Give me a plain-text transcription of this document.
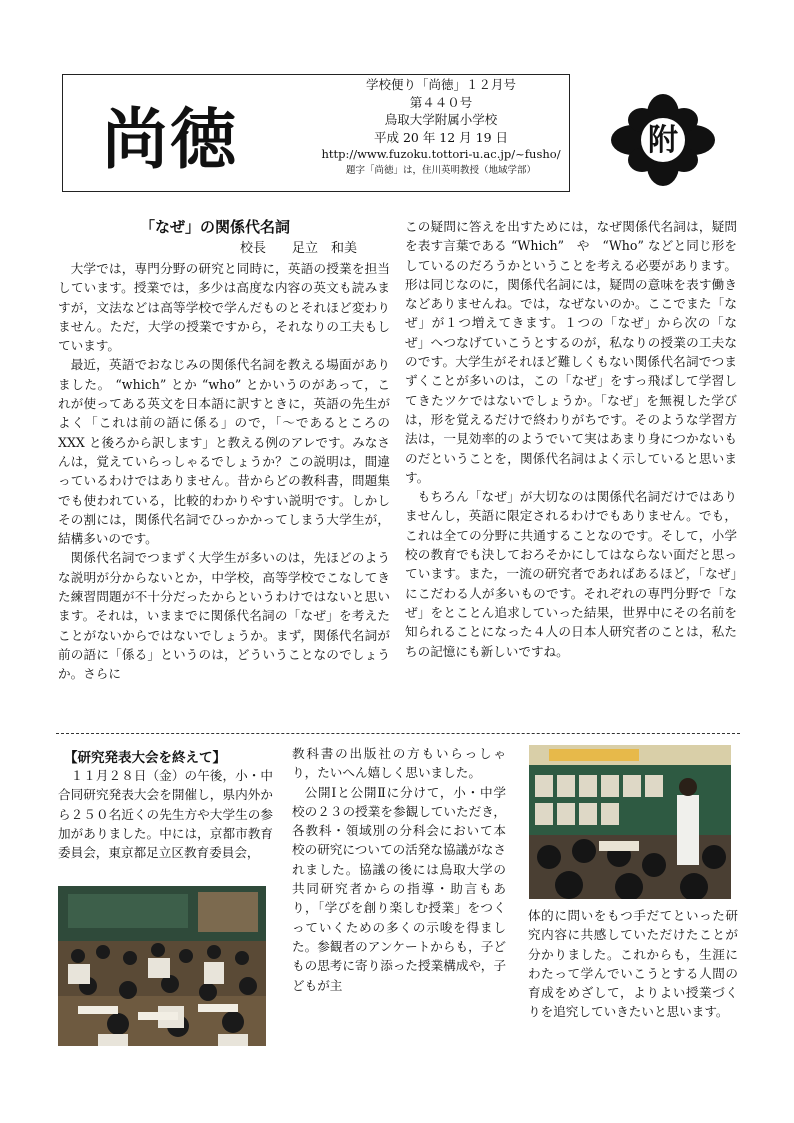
尚徳
学校便り「尚徳」１２月号
第４４０号
鳥取大学附属小学校
平成 20 年 12 月 19 日
http://www.fuzoku.tottori-u.ac.jp/~fusho/
題字「尚徳」は，住川英明教授（地域学部）
附
「なぜ」の関係代名詞
校長　　足立　和美

大学では，専門分野の研究と同時に，英語の授業を担当しています。授業では，多少は高度な内容の英文も読みますが，文法などは高等学校で学んだものとそれほど変わりません。ただ，大学の授業ですから，それなりの工夫もしています。

最近，英語でおなじみの関係代名詞を教える場面がありました。 “which” とか “who” とかいうのがあって，これが使ってある英文を日本語に訳すときに，英語の先生がよく「これは前の語に係る」ので，「～であるところの XXX と後ろから訳します」と教える例のアレです。みなさんは，覚えていらっしゃるでしょうか？この説明は，間違っているわけではありません。昔からどの教科書，問題集でも使われている，比較的わかりやすい説明です。しかしその割には，関係代名詞でひっかかってしまう大学生が，結構多いのです。

関係代名詞でつまずく大学生が多いのは，先ほどのような説明が分からないとか，中学校，高等学校でこなしてきた練習問題が不十分だったからというわけではないと思います。それは，いままでに関係代名詞の「なぜ」を考えたことがないからではないでしょうか。まず，関係代名詞が前の語に「係る」というのは，どういうことなのでしょうか。さらに

この疑問に答えを出すためには，なぜ関係代名詞は，疑問を表す言葉である “Which”　や　“Who” などと同じ形をしているのだろうかということを考える必要があります。形は同じなのに，関係代名詞には，疑問の意味を表す働きなどありませんね。では，なぜないのか。ここでまた「なぜ」が１つ増えてきます。１つの「なぜ」から次の「なぜ」へつなげていこうとするのが，私なりの授業の工夫なのです。大学生がそれほど難しくもない関係代名詞でつまずくことが多いのは，この「なぜ」をすっ飛ばして学習してきたツケではないでしょうか。「なぜ」を無視した学びは，形を覚えるだけで終わりがちです。そのような学習方法は，一見効率的のようでいて実はあまり身につかないものだということを，関係代名詞はよく示していると思います。

もちろん「なぜ」が大切なのは関係代名詞だけではありませんし，英語に限定されるわけでもありません。でも，これは全ての分野に共通することなのです。そして，小学校の教育でも決しておろそかにしてはならない面だと思っています。また，一流の研究者であればあるほど，「なぜ」にこだわる人が多いものです。それぞれの専門分野で「なぜ」をとことん追求していった結果，世界中にその名前を知られることになった４人の日本人研究者のことは，私たちの記憶にも新しいですね。

【研究発表大会を終えて】

１１月２８日（金）の午後，小・中合同研究発表大会を開催し，県内外から２５０名近くの先生方や大学生の参加がありました。中には，京都市教育委員会，東京都足立区教育委員会，

教科書の出版社の方もいらっしゃり，たいへん嬉しく思いました。

公開Ⅰと公開Ⅱに分けて，小・中学校の２３の授業を参観していただき，各教科・領域別の分科会において本校の研究についての活発な協議がなされました。協議の後には鳥取大学の共同研究者からの指導・助言もあり，「学びを創り楽しむ授業」をつくっていくための多くの示唆を得ました。参観者のアンケートからも，子どもの思考に寄り添った授業構成や，子どもが主

体的に問いをもつ手だてといった研究内容に共感していただけたことが分かりました。これからも，生涯にわたって学んでいこうとする人間の育成をめざして，よりよい授業づくりを追究していきたいと思います。
